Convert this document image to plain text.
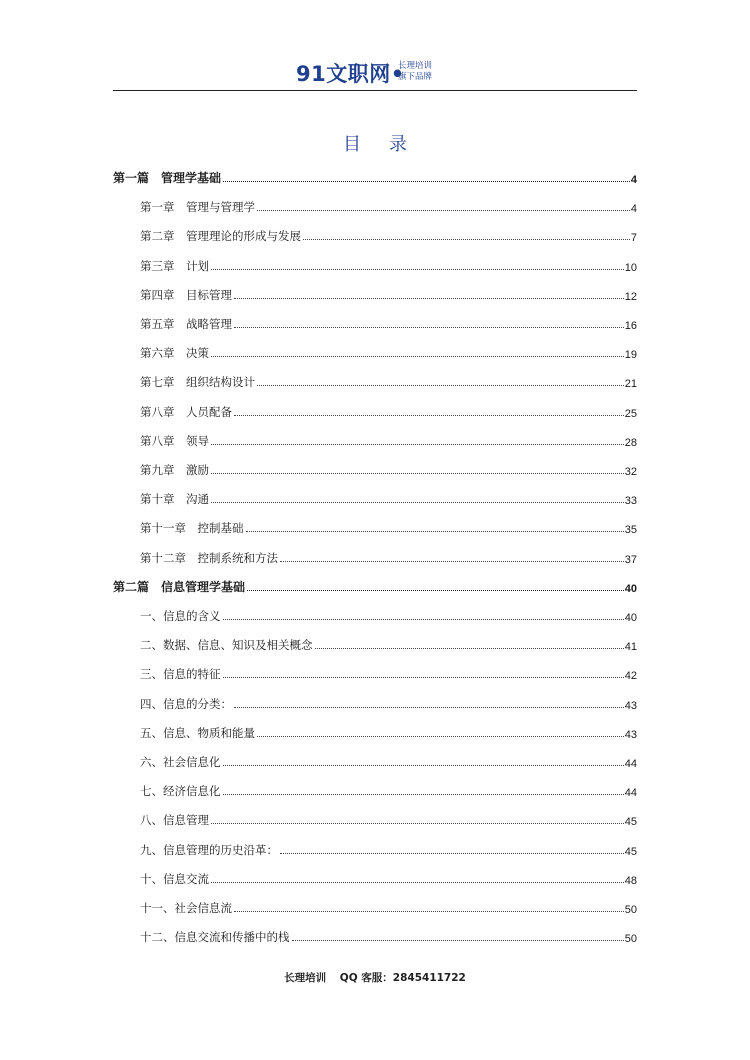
91文职网•
长理培训
旗下品牌
目录
第一篇　管理学基础	4
第一章　管理与管理学	4
第二章　管理理论的形成与发展	7
第三章　计划	10
第四章　目标管理	12
第五章　战略管理	16
第六章　决策	19
第七章　组织结构设计	21
第八章　人员配备	25
第八章　领导	28
第九章　激励	32
第十章　沟通	33
第十一章　控制基础	35
第十二章　控制系统和方法	37
第二篇　信息管理学基础	40
一、信息的含义	40
二、数据、信息、知识及相关概念	41
三、信息的特征	42
四、信息的分类：	43
五、信息、物质和能量	43
六、社会信息化	44
七、经济信息化	44
八、信息管理	45
九、信息管理的历史沿革：	45
十、信息交流	48
十一、社会信息流	50
十二、信息交流和传播中的栈	50
长理培训 QQ 客服：2845411722
